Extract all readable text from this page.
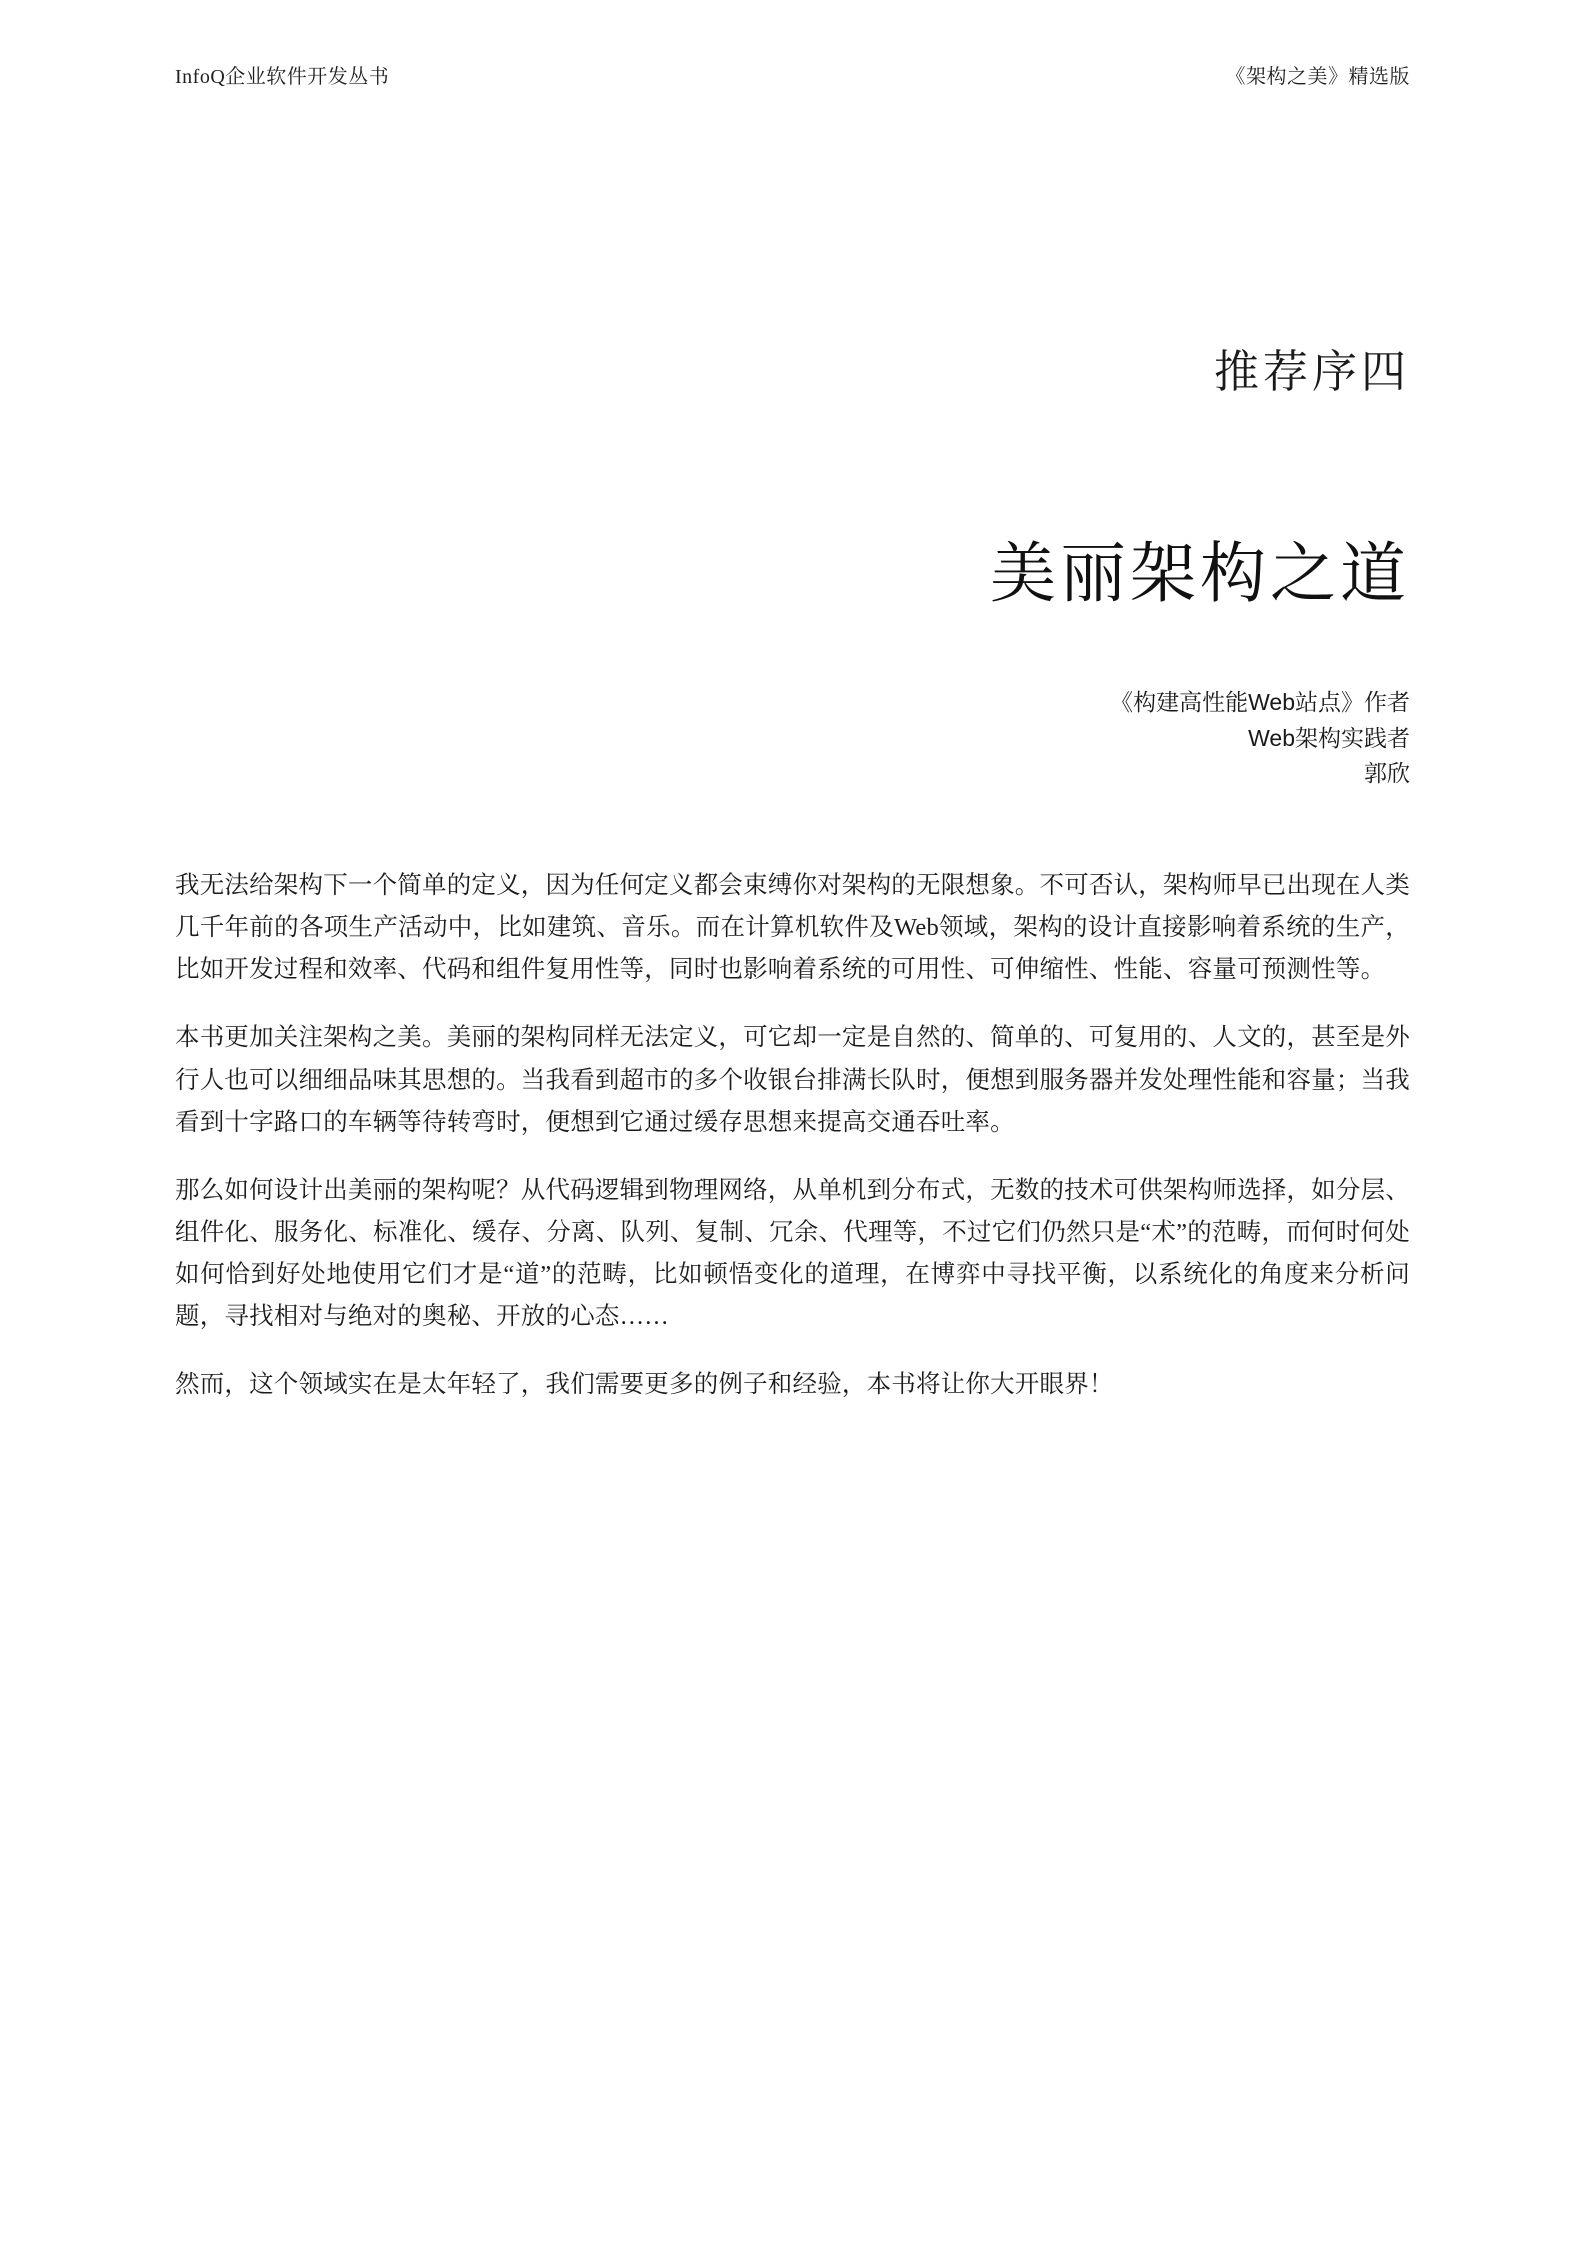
InfoQ企业软件开发丛书	《架构之美》精选版
推荐序四
美丽架构之道
《构建高性能Web站点》作者
Web架构实践者
郭欣

我无法给架构下一个简单的定义，因为任何定义都会束缚你对架构的无限想象。不可否认，架构师早已出现在人类几千年前的各项生产活动中，比如建筑、音乐。而在计算机软件及Web领域，架构的设计直接影响着系统的生产，比如开发过程和效率、代码和组件复用性等，同时也影响着系统的可用性、可伸缩性、性能、容量可预测性等。

本书更加关注架构之美。美丽的架构同样无法定义，可它却一定是自然的、简单的、可复用的、人文的，甚至是外行人也可以细细品味其思想的。当我看到超市的多个收银台排满长队时，便想到服务器并发处理性能和容量；当我看到十字路口的车辆等待转弯时，便想到它通过缓存思想来提高交通吞吐率。

那么如何设计出美丽的架构呢？从代码逻辑到物理网络，从单机到分布式，无数的技术可供架构师选择，如分层、组件化、服务化、标准化、缓存、分离、队列、复制、冗余、代理等，不过它们仍然只是“术”的范畴，而何时何处如何恰到好处地使用它们才是“道”的范畴，比如顿悟变化的道理，在博弈中寻找平衡，以系统化的角度来分析问题，寻找相对与绝对的奥秘、开放的心态……

然而，这个领域实在是太年轻了，我们需要更多的例子和经验，本书将让你大开眼界！
